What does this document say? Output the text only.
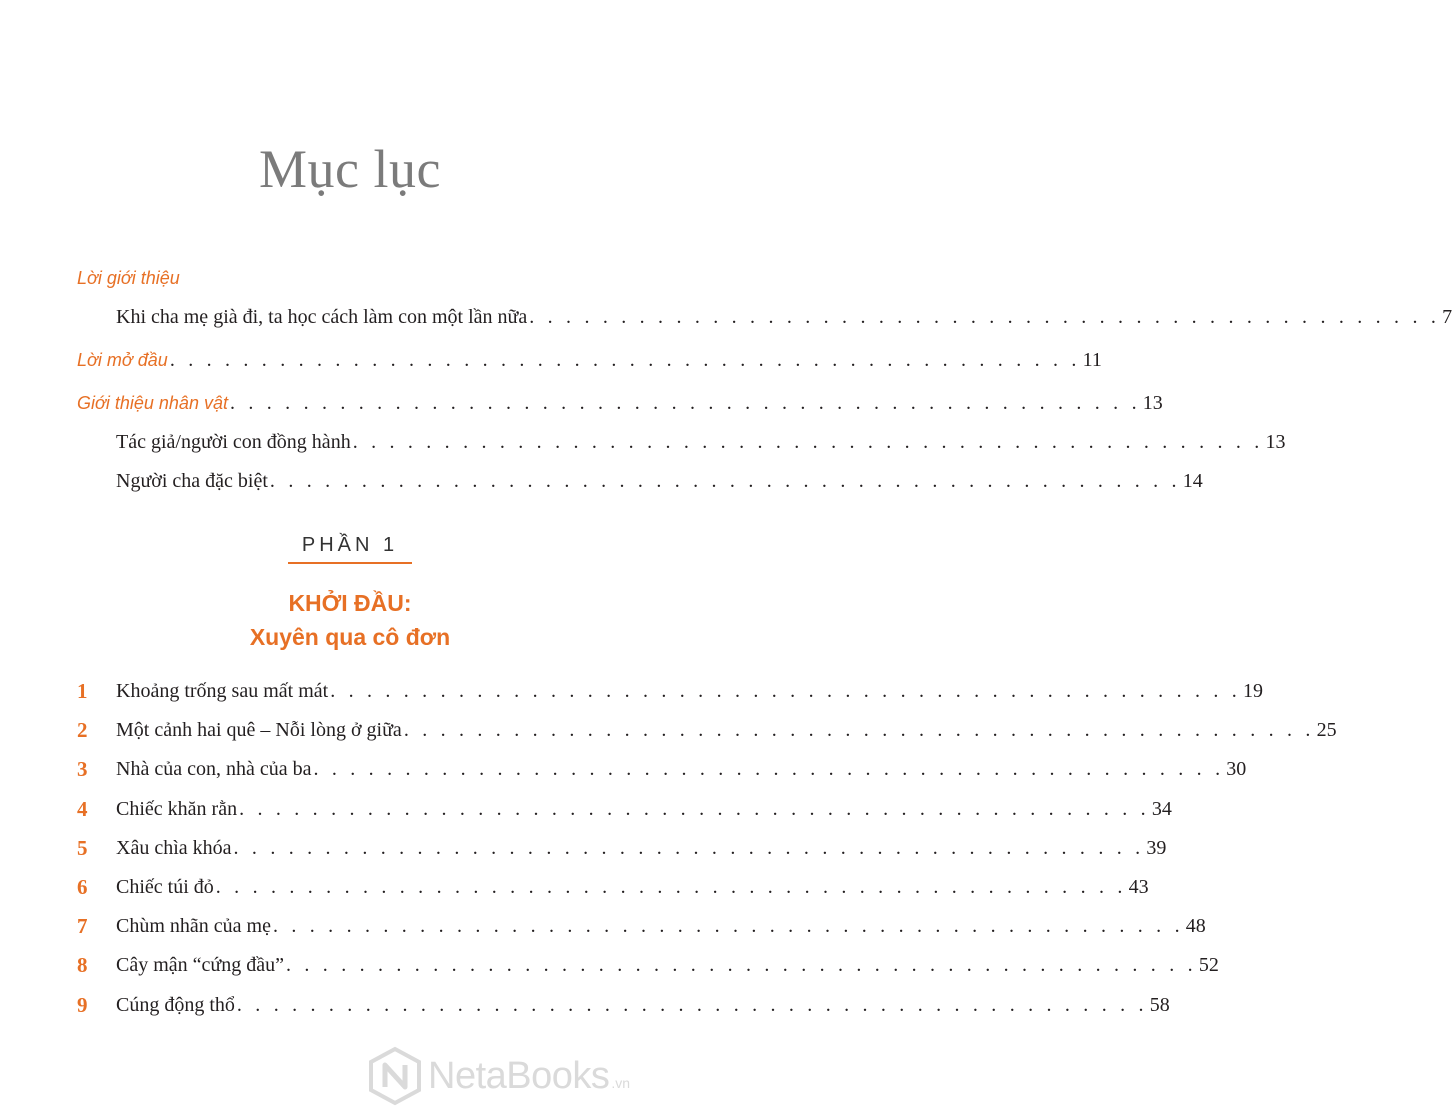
Mục lục
Lời giới thiệu
Khi cha mẹ già đi, ta học cách làm con một lần nữa . . . . . . . . . . . . . . . . . . . . . . . . . . . . . . . . . . . . . . . . . . . . . . . . . . 7
Lời mở đầu . . . . . . . . . . . . . . . . . . . . . . . . . . . . . . . . . . . . . . . . . . . . . . . . . . 11
Giới thiệu nhân vật . . . . . . . . . . . . . . . . . . . . . . . . . . . . . . . . . . . . . . . . . . . . . . . . . . 13
Tác giả/người con đồng hành . . . . . . . . . . . . . . . . . . . . . . . . . . . . . . . . . . . . . . . . . . . . . . . . . . 13
Người cha đặc biệt . . . . . . . . . . . . . . . . . . . . . . . . . . . . . . . . . . . . . . . . . . . . . . . . . . 14
PHẦN 1
KHỞI ĐẦU:
Xuyên qua cô đơn
1	Khoảng trống sau mất mát . . . . . . . . . . . . . . . . . . . . . . . . . . . . . . . . . . . . . . . . . . . . . . . . . . 19
2	Một cảnh hai quê – Nỗi lòng ở giữa . . . . . . . . . . . . . . . . . . . . . . . . . . . . . . . . . . . . . . . . . . . . . . . . . . 25
3	Nhà của con, nhà của ba . . . . . . . . . . . . . . . . . . . . . . . . . . . . . . . . . . . . . . . . . . . . . . . . . . 30
4	Chiếc khăn rằn . . . . . . . . . . . . . . . . . . . . . . . . . . . . . . . . . . . . . . . . . . . . . . . . . . 34
5	Xâu chìa khóa . . . . . . . . . . . . . . . . . . . . . . . . . . . . . . . . . . . . . . . . . . . . . . . . . . 39
6	Chiếc túi đỏ . . . . . . . . . . . . . . . . . . . . . . . . . . . . . . . . . . . . . . . . . . . . . . . . . . 43
7	Chùm nhãn của mẹ . . . . . . . . . . . . . . . . . . . . . . . . . . . . . . . . . . . . . . . . . . . . . . . . . . 48
8	Cây mận “cứng đầu” . . . . . . . . . . . . . . . . . . . . . . . . . . . . . . . . . . . . . . . . . . . . . . . . . . 52
9	Cúng động thổ . . . . . . . . . . . . . . . . . . . . . . . . . . . . . . . . . . . . . . . . . . . . . . . . . . 58
NetaBooks .vn
